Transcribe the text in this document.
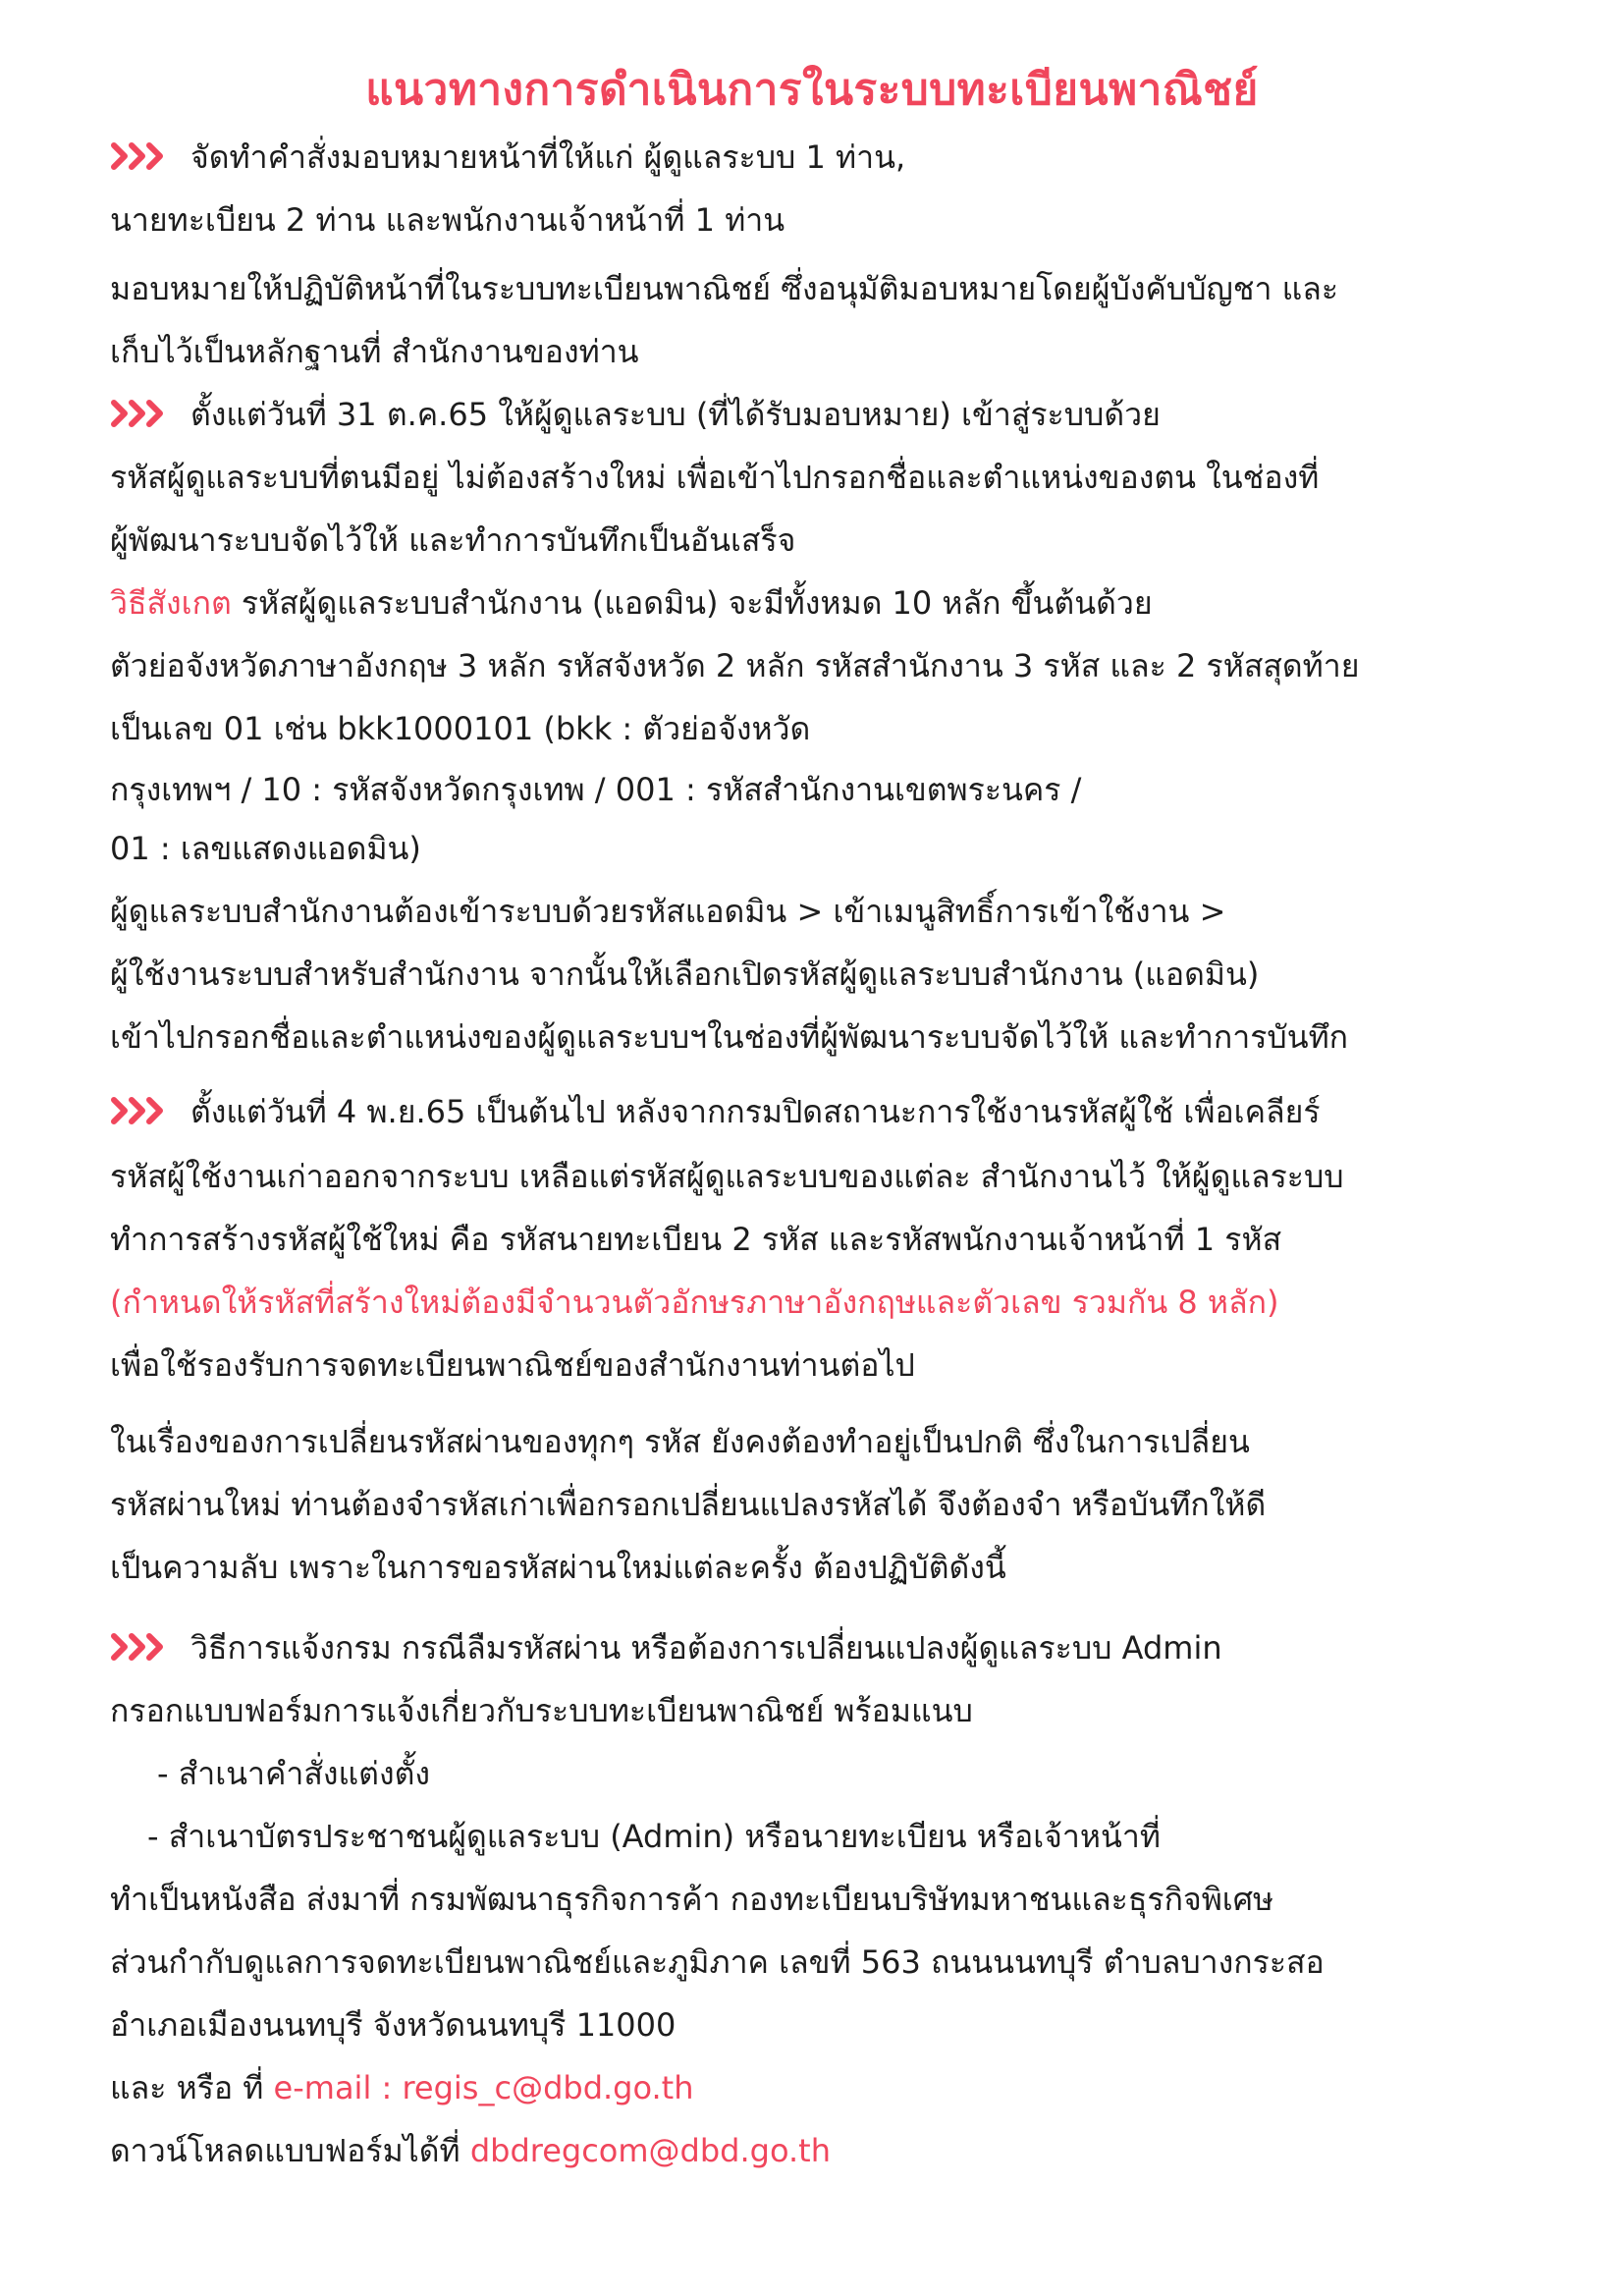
แนวทางการดำเนินการในระบบทะเบียนพาณิชย์
จัดทำคำสั่งมอบหมายหน้าที่ให้แก่ ผู้ดูแลระบบ 1 ท่าน,
นายทะเบียน 2 ท่าน และพนักงานเจ้าหน้าที่ 1 ท่าน
มอบหมายให้ปฏิบัติหน้าที่ในระบบทะเบียนพาณิชย์ ซึ่งอนุมัติมอบหมายโดยผู้บังคับบัญชา และ
เก็บไว้เป็นหลักฐานที่ สำนักงานของท่าน
ตั้งแต่วันที่ 31 ต.ค.65 ให้ผู้ดูแลระบบ (ที่ได้รับมอบหมาย) เข้าสู่ระบบด้วย
รหัสผู้ดูแลระบบที่ตนมีอยู่ ไม่ต้องสร้างใหม่ เพื่อเข้าไปกรอกชื่อและตำแหน่งของตน ในช่องที่
ผู้พัฒนาระบบจัดไว้ให้ และทำการบันทึกเป็นอันเสร็จ
วิธีสังเกต รหัสผู้ดูแลระบบสำนักงาน (แอดมิน) จะมีทั้งหมด 10 หลัก ขึ้นต้นด้วย
ตัวย่อจังหวัดภาษาอังกฤษ 3 หลัก รหัสจังหวัด 2 หลัก รหัสสำนักงาน 3 รหัส และ 2 รหัสสุดท้าย
เป็นเลข 01 เช่น bkk1000101 (bkk : ตัวย่อจังหวัด
กรุงเทพฯ / 10 : รหัสจังหวัดกรุงเทพ / 001 : รหัสสำนักงานเขตพระนคร /
01 : เลขแสดงแอดมิน)
ผู้ดูแลระบบสำนักงานต้องเข้าระบบด้วยรหัสแอดมิน > เข้าเมนูสิทธิ์การเข้าใช้งาน >
ผู้ใช้งานระบบสำหรับสำนักงาน จากนั้นให้เลือกเปิดรหัสผู้ดูแลระบบสำนักงาน (แอดมิน)
เข้าไปกรอกชื่อและตำแหน่งของผู้ดูแลระบบฯในช่องที่ผู้พัฒนาระบบจัดไว้ให้ และทำการบันทึก
ตั้งแต่วันที่ 4 พ.ย.65 เป็นต้นไป หลังจากกรมปิดสถานะการใช้งานรหัสผู้ใช้ เพื่อเคลียร์
รหัสผู้ใช้งานเก่าออกจากระบบ เหลือแต่รหัสผู้ดูแลระบบของแต่ละ สำนักงานไว้ ให้ผู้ดูแลระบบ
ทำการสร้างรหัสผู้ใช้ใหม่ คือ รหัสนายทะเบียน 2 รหัส และรหัสพนักงานเจ้าหน้าที่ 1 รหัส
(กำหนดให้รหัสที่สร้างใหม่ต้องมีจำนวนตัวอักษรภาษาอังกฤษและตัวเลข รวมกัน 8 หลัก)
เพื่อใช้รองรับการจดทะเบียนพาณิชย์ของสำนักงานท่านต่อไป
ในเรื่องของการเปลี่ยนรหัสผ่านของทุกๆ รหัส ยังคงต้องทำอยู่เป็นปกติ ซึ่งในการเปลี่ยน
รหัสผ่านใหม่ ท่านต้องจำรหัสเก่าเพื่อกรอกเปลี่ยนแปลงรหัสได้ จึงต้องจำ หรือบันทึกให้ดี
เป็นความลับ เพราะในการขอรหัสผ่านใหม่แต่ละครั้ง ต้องปฏิบัติดังนี้
วิธีการแจ้งกรม กรณีลืมรหัสผ่าน หรือต้องการเปลี่ยนแปลงผู้ดูแลระบบ Admin
กรอกแบบฟอร์มการแจ้งเกี่ยวกับระบบทะเบียนพาณิชย์ พร้อมแนบ
- สำเนาคำสั่งแต่งตั้ง
- สำเนาบัตรประชาชนผู้ดูแลระบบ (Admin) หรือนายทะเบียน หรือเจ้าหน้าที่
ทำเป็นหนังสือ ส่งมาที่ กรมพัฒนาธุรกิจการค้า กองทะเบียนบริษัทมหาชนและธุรกิจพิเศษ
ส่วนกำกับดูแลการจดทะเบียนพาณิชย์และภูมิภาค เลขที่ 563 ถนนนนทบุรี ตำบลบางกระสอ
อำเภอเมืองนนทบุรี จังหวัดนนทบุรี 11000
และ หรือ ที่ e-mail : regis_c@dbd.go.th
ดาวน์โหลดแบบฟอร์มได้ที่ dbdregcom@dbd.go.th
